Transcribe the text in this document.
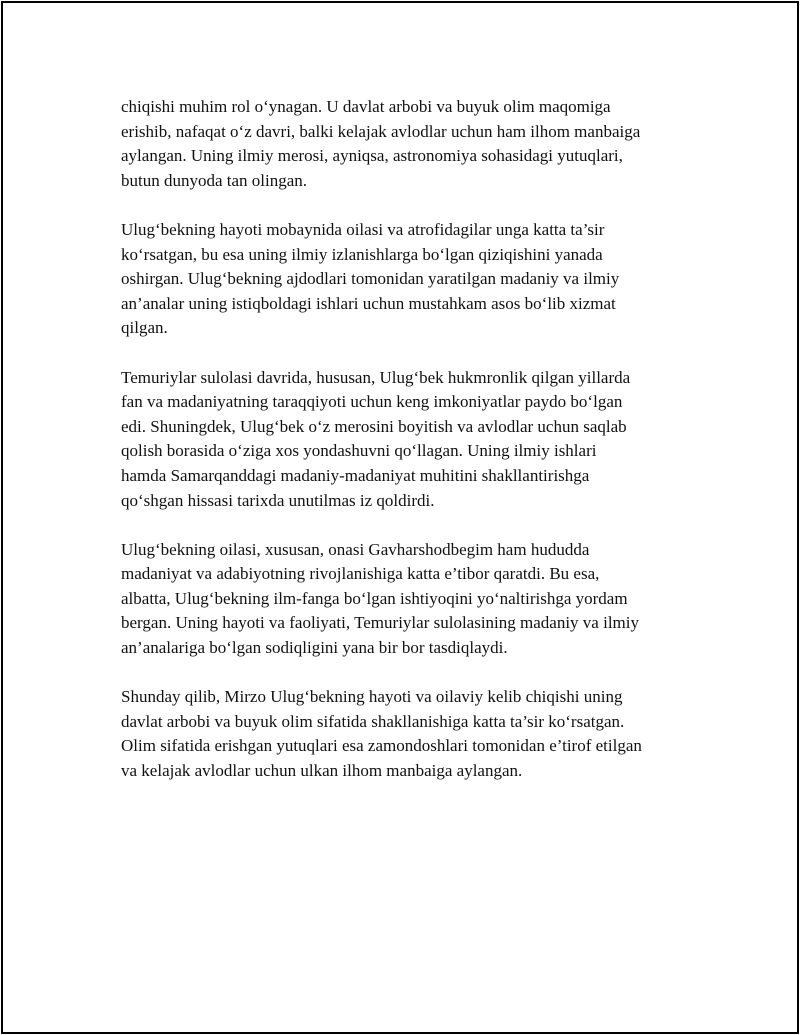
chiqishi muhim rol o‘ynagan. U davlat arbobi va buyuk olim maqomiga
erishib, nafaqat o‘z davri, balki kelajak avlodlar uchun ham ilhom manbaiga
aylangan. Uning ilmiy merosi, ayniqsa, astronomiya sohasidagi yutuqlari,
butun dunyoda tan olingan.

Ulug‘bekning hayoti mobaynida oilasi va atrofidagilar unga katta ta’sir
ko‘rsatgan, bu esa uning ilmiy izlanishlarga bo‘lgan qiziqishini yanada
oshirgan. Ulug‘bekning ajdodlari tomonidan yaratilgan madaniy va ilmiy
an’analar uning istiqboldagi ishlari uchun mustahkam asos bo‘lib xizmat
qilgan.

Temuriylar sulolasi davrida, hususan, Ulug‘bek hukmronlik qilgan yillarda
fan va madaniyatning taraqqiyoti uchun keng imkoniyatlar paydo bo‘lgan
edi. Shuningdek, Ulug‘bek o‘z merosini boyitish va avlodlar uchun saqlab
qolish borasida o‘ziga xos yondashuvni qo‘llagan. Uning ilmiy ishlari
hamda Samarqanddagi madaniy-madaniyat muhitini shakllantirishga
qo‘shgan hissasi tarixda unutilmas iz qoldirdi.

Ulug‘bekning oilasi, xususan, onasi Gavharshodbegim ham hududda
madaniyat va adabiyotning rivojlanishiga katta e’tibor qaratdi. Bu esa,
albatta, Ulug‘bekning ilm-fanga bo‘lgan ishtiyoqini yo‘naltirishga yordam
bergan. Uning hayoti va faoliyati, Temuriylar sulolasining madaniy va ilmiy
an’analariga bo‘lgan sodiqligini yana bir bor tasdiqlaydi.

Shunday qilib, Mirzo Ulug‘bekning hayoti va oilaviy kelib chiqishi uning
davlat arbobi va buyuk olim sifatida shakllanishiga katta ta’sir ko‘rsatgan.
Olim sifatida erishgan yutuqlari esa zamondoshlari tomonidan e’tirof etilgan
va kelajak avlodlar uchun ulkan ilhom manbaiga aylangan.
